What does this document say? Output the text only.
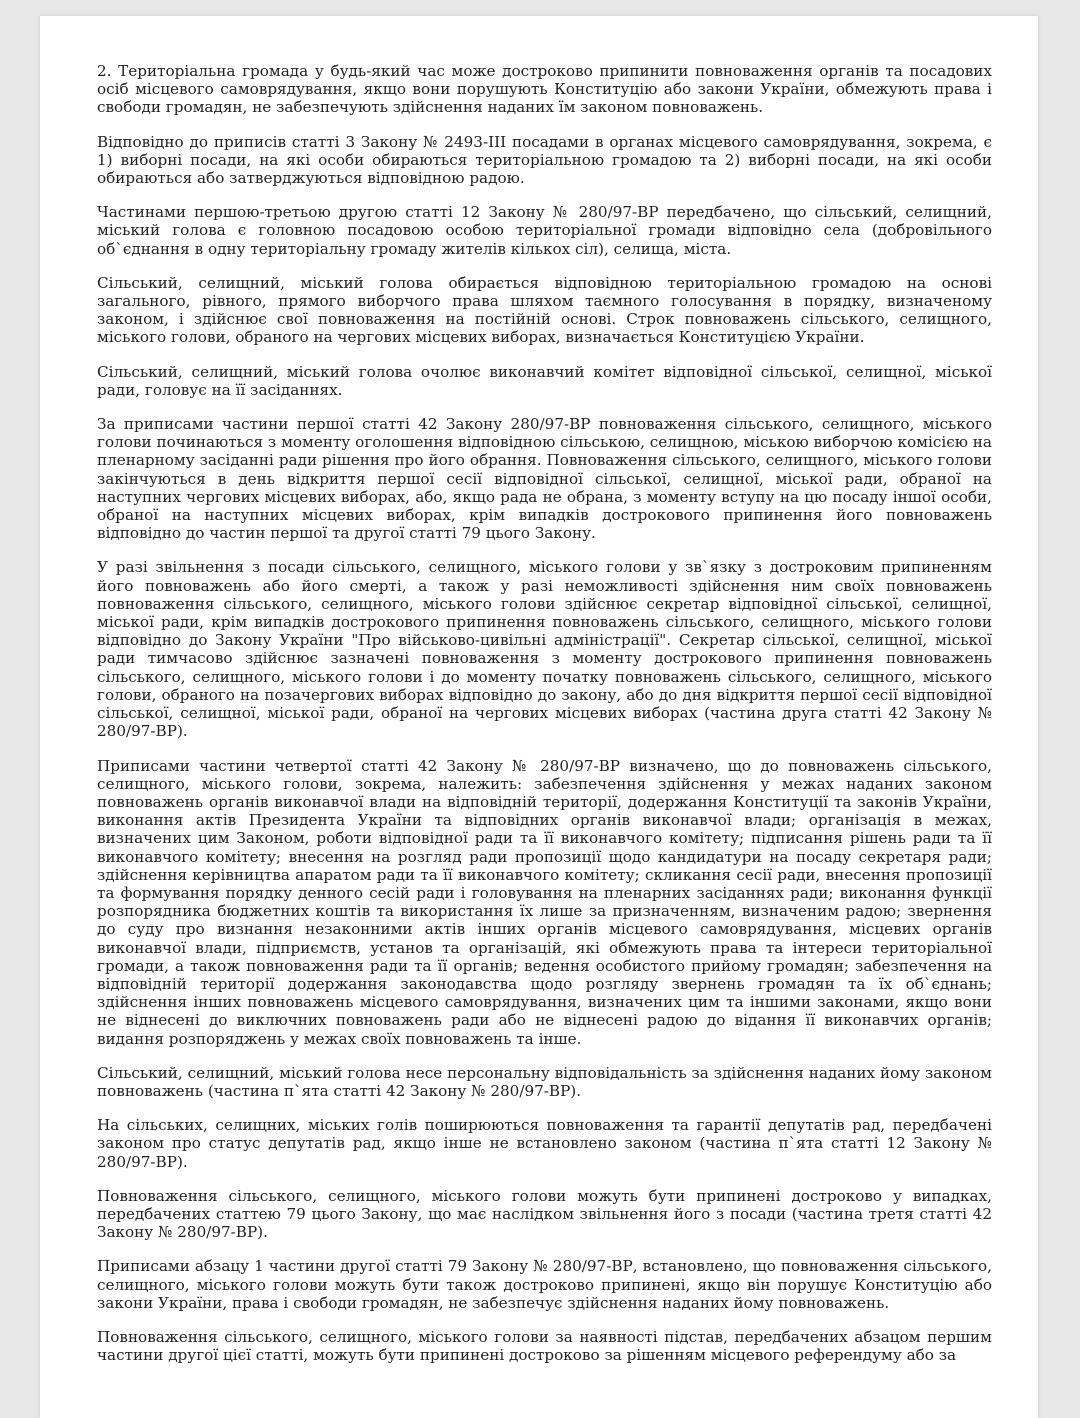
2. Територіальна громада у будь-який час може достроково припинити повноваження органів та посадових осіб місцевого самоврядування, якщо вони порушують Конституцію або закони України, обмежують права і свободи громадян, не забезпечують здійснення наданих їм законом повноважень.

Відповідно до приписів статті 3 Закону № 2493-ІІІ посадами в органах місцевого самоврядування, зокрема, є 1) виборні посади, на які особи обираються територіальною громадою та 2) виборні посади, на які особи обираються або затверджуються відповідною радою.

Частинами першою-третьою другою статті 12 Закону № 280/97-ВР передбачено, що сільський, селищний, міський голова є головною посадовою особою територіальної громади відповідно села (добровільного об`єднання в одну територіальну громаду жителів кількох сіл), селища, міста.

Сільський, селищний, міський голова обирається відповідною територіальною громадою на основі загального, рівного, прямого виборчого права шляхом таємного голосування в порядку, визначеному законом, і здійснює свої повноваження на постійній основі. Строк повноважень сільського, селищного, міського голови, обраного на чергових місцевих виборах, визначається Конституцією України.

Сільський, селищний, міський голова очолює виконавчий комітет відповідної сільської, селищної, міської ради, головує на її засіданнях.

За приписами частини першої статті 42 Закону 280/97-ВР повноваження сільського, селищного, міського голови починаються з моменту оголошення відповідною сільською, селищною, міською виборчою комісією на пленарному засіданні ради рішення про його обрання. Повноваження сільського, селищного, міського голови закінчуються в день відкриття першої сесії відповідної сільської, селищної, міської ради, обраної на наступних чергових місцевих виборах, або, якщо рада не обрана, з моменту вступу на цю посаду іншої особи, обраної на наступних місцевих виборах, крім випадків дострокового припинення його повноважень відповідно до частин першої та другої статті 79 цього Закону.

У разі звільнення з посади сільського, селищного, міського голови у зв`язку з достроковим припиненням його повноважень або його смерті, а також у разі неможливості здійснення ним своїх повноважень повноваження сільського, селищного, міського голови здійснює секретар відповідної сільської, селищної, міської ради, крім випадків дострокового припинення повноважень сільського, селищного, міського голови відповідно до Закону України "Про військово-цивільні адміністрації". Секретар сільської, селищної, міської ради тимчасово здійснює зазначені повноваження з моменту дострокового припинення повноважень сільського, селищного, міського голови і до моменту початку повноважень сільського, селищного, міського голови, обраного на позачергових виборах відповідно до закону, або до дня відкриття першої сесії відповідної сільської, селищної, міської ради, обраної на чергових місцевих виборах (частина друга статті 42 Закону № 280/97-ВР).

Приписами частини четвертої статті 42 Закону № 280/97-ВР визначено, що до повноважень сільського, селищного, міського голови, зокрема, належить: забезпечення здійснення у межах наданих законом повноважень органів виконавчої влади на відповідній території, додержання Конституції та законів України, виконання актів Президента України та відповідних органів виконавчої влади; організація в межах, визначених цим Законом, роботи відповідної ради та її виконавчого комітету; підписання рішень ради та її виконавчого комітету; внесення на розгляд ради пропозиції щодо кандидатури на посаду секретаря ради; здійснення керівництва апаратом ради та її виконавчого комітету; скликання сесії ради, внесення пропозиції та формування порядку денного сесій ради і головування на пленарних засіданнях ради; виконання функції розпорядника бюджетних коштів та використання їх лише за призначенням, визначеним радою; звернення до суду про визнання незаконними актів інших органів місцевого самоврядування, місцевих органів виконавчої влади, підприємств, установ та організацій, які обмежують права та інтереси територіальної громади, а також повноваження ради та її органів; ведення особистого прийому громадян; забезпечення на відповідній території додержання законодавства щодо розгляду звернень громадян та їх об`єднань; здійснення інших повноважень місцевого самоврядування, визначених цим та іншими законами, якщо вони не віднесені до виключних повноважень ради або не віднесені радою до відання її виконавчих органів; видання розпоряджень у межах своїх повноважень та інше.

Сільський, селищний, міський голова несе персональну відповідальність за здійснення наданих йому законом повноважень (частина п`ята статті 42 Закону № 280/97-ВР).

На сільських, селищних, міських голів поширюються повноваження та гарантії депутатів рад, передбачені законом про статус депутатів рад, якщо інше не встановлено законом (частина п`ята статті 12 Закону № 280/97-ВР).

Повноваження сільського, селищного, міського голови можуть бути припинені достроково у випадках, передбачених статтею 79 цього Закону, що має наслідком звільнення його з посади (частина третя статті 42 Закону № 280/97-ВР).

Приписами абзацу 1 частини другої статті 79 Закону № 280/97-ВР, встановлено, що повноваження сільського, селищного, міського голови можуть бути також достроково припинені, якщо він порушує Конституцію або закони України, права і свободи громадян, не забезпечує здійснення наданих йому повноважень.

Повноваження сільського, селищного, міського голови за наявності підстав, передбачених абзацом першим частини другої цієї статті, можуть бути припинені достроково за рішенням місцевого референдуму або за
